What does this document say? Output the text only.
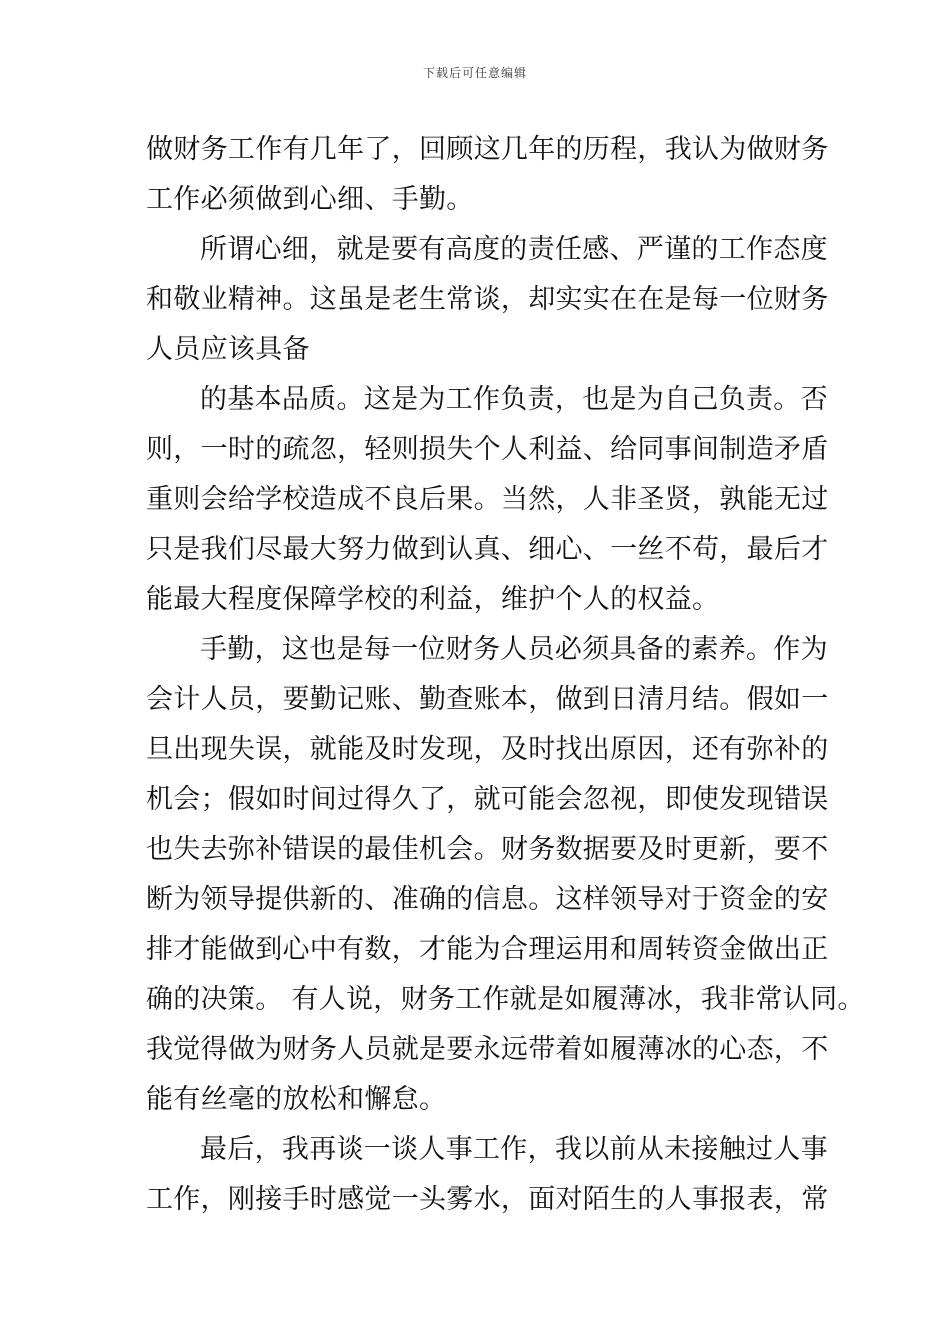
下载后可任意编辑

做财务工作有几年了，回顾这几年的历程，我认为做财务

工作必须做到心细、手勤。

所谓心细，就是要有高度的责任感、严谨的工作态度

和敬业精神。这虽是老生常谈，却实实在在是每一位财务

人员应该具备

的基本品质。这是为工作负责，也是为自己负责。否

则，一时的疏忽，轻则损失个人利益、给同事间制造矛盾

重则会给学校造成不良后果。当然，人非圣贤，孰能无过

只是我们尽最大努力做到认真、细心、一丝不苟，最后才

能最大程度保障学校的利益，维护个人的权益。

手勤，这也是每一位财务人员必须具备的素养。作为

会计人员，要勤记账、勤查账本，做到日清月结。假如一

旦出现失误，就能及时发现，及时找出原因，还有弥补的

机会；假如时间过得久了，就可能会忽视，即使发现错误

也失去弥补错误的最佳机会。财务数据要及时更新，要不

断为领导提供新的、准确的信息。这样领导对于资金的安

排才能做到心中有数，才能为合理运用和周转资金做出正

确的决策。 有人说，财务工作就是如履薄冰，我非常认同。

我觉得做为财务人员就是要永远带着如履薄冰的心态，不

能有丝毫的放松和懈怠。

最后，我再谈一谈人事工作，我以前从未接触过人事

工作，刚接手时感觉一头雾水，面对陌生的人事报表，常
